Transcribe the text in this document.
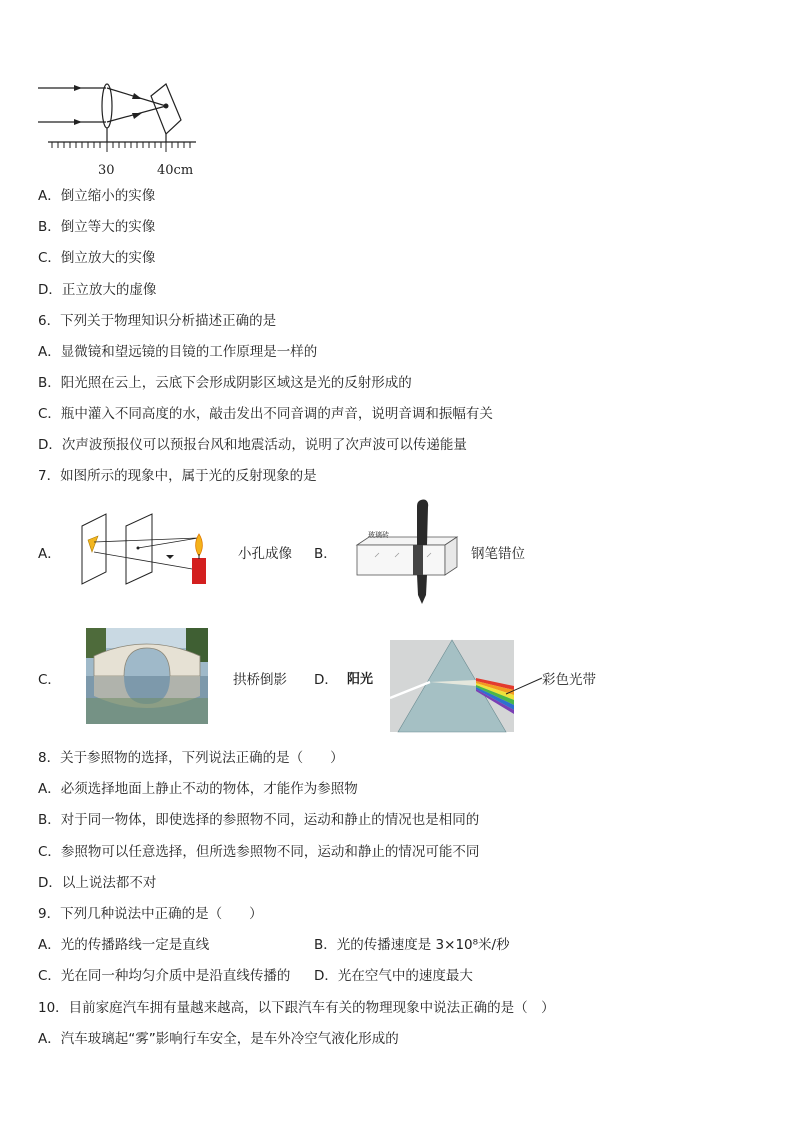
30	40cm
A．倒立缩小的实像
B．倒立等大的实像
C．倒立放大的实像
D．正立放大的虚像
6．下列关于物理知识分析描述正确的是
A．显微镜和望远镜的目镜的工作原理是一样的
B．阳光照在云上，云底下会形成阴影区域这是光的反射形成的
C．瓶中灌入不同高度的水，敲击发出不同音调的声音，说明音调和振幅有关
D．次声波预报仪可以预报台风和地震活动，说明了次声波可以传递能量
7．如图所示的现象中，属于光的反射现象的是
A．	小孔成像 B．
玻璃砖
钢笔错位
C．	拱桥倒影 D． 阳光	彩色光带
8．关于参照物的选择，下列说法正确的是（　　）
A．必须选择地面上静止不动的物体，才能作为参照物
B．对于同一物体，即使选择的参照物不同，运动和静止的情况也是相同的
C．参照物可以任意选择，但所选参照物不同，运动和静止的情况可能不同
D．以上说法都不对
9．下列几种说法中正确的是（　　）
A．光的传播路线一定是直线	B．光的传播速度是 3×10⁸米/秒
C．光在同一种均匀介质中是沿直线传播的 D．光在空气中的速度最大
10．目前家庭汽车拥有量越来越高，以下跟汽车有关的物理现象中说法正确的是（　）
A．汽车玻璃起“雾”影响行车安全，是车外冷空气液化形成的
